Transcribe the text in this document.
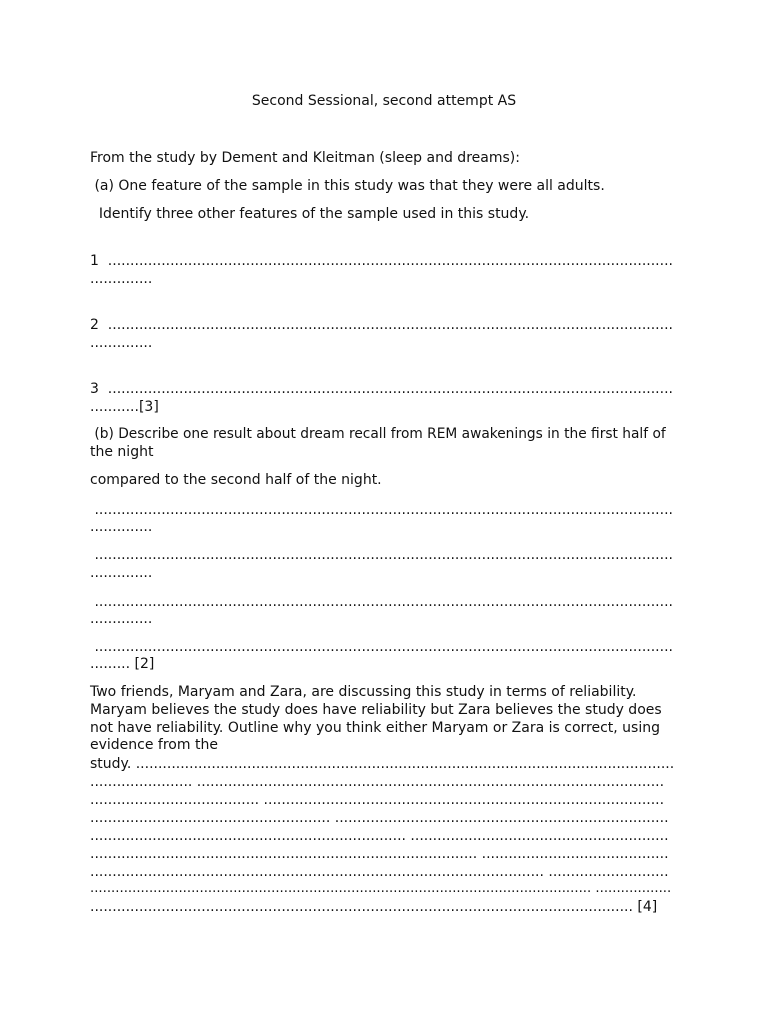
Second Sessional, second attempt AS
From the study by Dement and Kleitman (sleep and dreams):
(a) One feature of the sample in this study was that they were all adults.
Identify three other features of the sample used in this study.
1  ...............................................................................................................................
..............
2  ...............................................................................................................................
..............
3  ...............................................................................................................................
...........[3]
(b) Describe one result about dream recall from REM awakenings in the first half of
the night
compared to the second half of the night.
..................................................................................................................................
..............
..................................................................................................................................
..............
..................................................................................................................................
..............
..................................................................................................................................
......... [2]
Two friends, Maryam and Zara, are discussing this study in terms of reliability.
Maryam believes the study does have reliability but Zara believes the study does
not have reliability. Outline why you think either Maryam or Zara is correct, using
evidence from the
study. .........................................................................................................................
....................... .........................................................................................................
...................................... ..........................................................................................
...................................................... ...........................................................................
....................................................................... ..........................................................
....................................................................................... ..........................................
...................................................................................................... ...........................
....................................................................................................................... ..................
.......................................................................................................................... [4]
